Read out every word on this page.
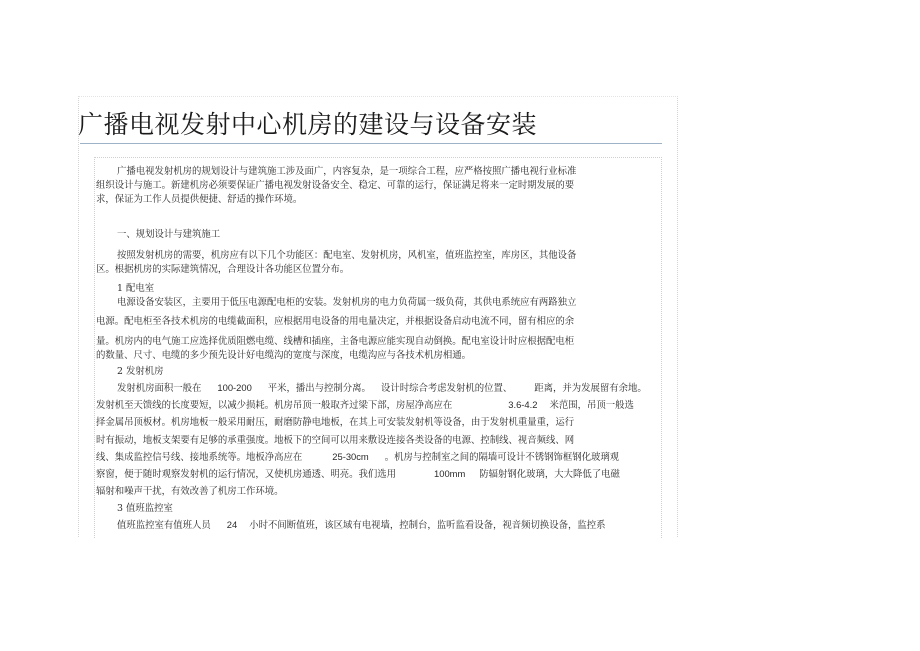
广播电视发射中心机房的建设与设备安装
广播电视发射机房的规划设计与建筑施工涉及面广，内容复杂，是一项综合工程，应严格按照广播电视行业标准
组织设计与施工。新建机房必须要保证广播电视发射设备安全、稳定、可靠的运行，保证满足将来一定时期发展的要
求，保证为工作人员提供便捷、舒适的操作环境。
一、规划设计与建筑施工
按照发射机房的需要，机房应有以下几个功能区：配电室、发射机房，风机室，值班监控室，库房区，其他设备
区。根据机房的实际建筑情况，合理设计各功能区位置分布。
1 配电室
电源设备安装区，主要用于低压电源配电柜的安装。发射机房的电力负荷属一级负荷，其供电系统应有两路独立
电源。配电柜至各技术机房的电缆截面积，应根据用电设备的用电量决定，并根据设备启动电流不同，留有相应的余
量。机房内的电气施工应选择优质阻燃电缆、线槽和插座，主备电源应能实现自动倒换。配电室设计时应根据配电柜
的数量、尺寸、电缆的多少预先设计好电缆沟的宽度与深度，电缆沟应与各技术机房相通。
2 发射机房
发射机房面积一般在 100-200 平米，播出与控制分离。 设计时综合考虑发射机的位置、 距离，并为发展留有余地。
发射机至天馈线的长度要短，以减少损耗。机房吊顶一般取齐过梁下部，房屋净高应在	3.6-4.2 米范围，吊顶一般选
择金属吊顶板材。机房地板一般采用耐压，耐磨防静电地板，在其上可安装发射机等设备，由于发射机重量重，运行
时有振动，地板支架要有足够的承重强度。地板下的空间可以用来敷设连接各类设备的电源、控制线、视音频线、网
线、集成监控信号线、接地系统等。地板净高应在	25-30cm 。机房与控制室之间的隔墙可设计不锈钢饰框钢化玻璃观
察窗，便于随时观察发射机的运行情况，又使机房通透、明亮。我们选用	100mm 防辐射钢化玻璃，大大降低了电磁
辐射和噪声干扰，有效改善了机房工作环境。
3 值班监控室
值班监控室有值班人员 24 小时不间断值班，该区域有电视墙，控制台，监听监看设备，视音频切换设备，监控系
